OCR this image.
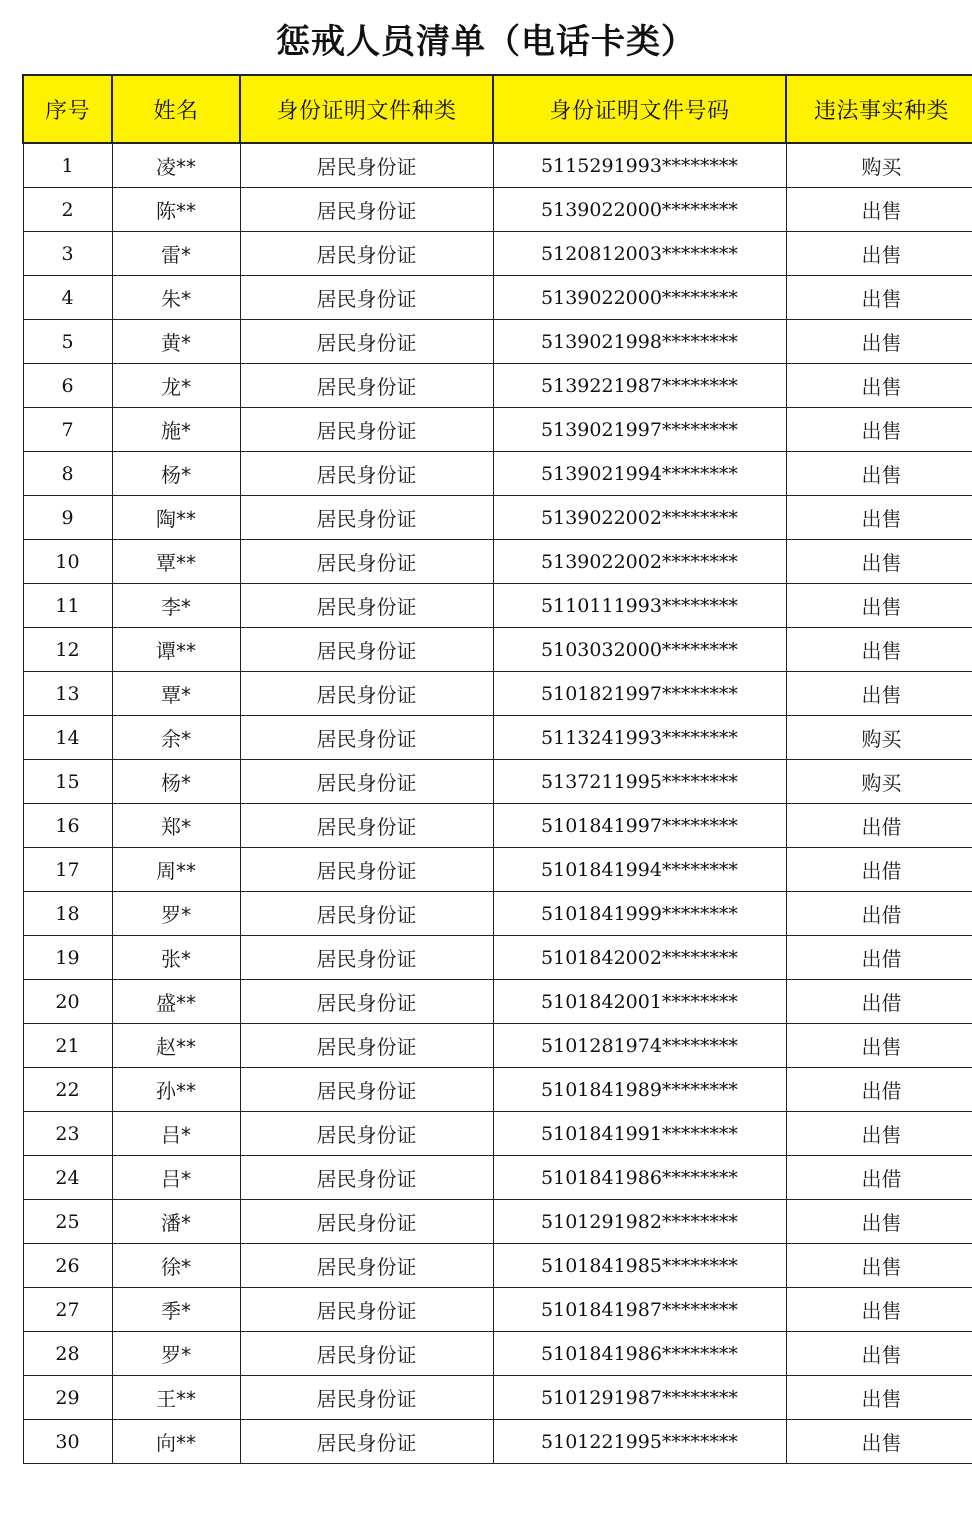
惩戒人员清单（电话卡类）
序号	姓名	身份证明文件种类	身份证明文件号码	违法事实种类
1	凌**	居民身份证	5115291993********	购买
2	陈**	居民身份证	5139022000********	出售
3	雷*	居民身份证	5120812003********	出售
4	朱*	居民身份证	5139022000********	出售
5	黄*	居民身份证	5139021998********	出售
6	龙*	居民身份证	5139221987********	出售
7	施*	居民身份证	5139021997********	出售
8	杨*	居民身份证	5139021994********	出售
9	陶**	居民身份证	5139022002********	出售
10	覃**	居民身份证	5139022002********	出售
11	李*	居民身份证	5110111993********	出售
12	谭**	居民身份证	5103032000********	出售
13	覃*	居民身份证	5101821997********	出售
14	余*	居民身份证	5113241993********	购买
15	杨*	居民身份证	5137211995********	购买
16	郑*	居民身份证	5101841997********	出借
17	周**	居民身份证	5101841994********	出借
18	罗*	居民身份证	5101841999********	出借
19	张*	居民身份证	5101842002********	出借
20	盛**	居民身份证	5101842001********	出借
21	赵**	居民身份证	5101281974********	出售
22	孙**	居民身份证	5101841989********	出借
23	吕*	居民身份证	5101841991********	出售
24	吕*	居民身份证	5101841986********	出借
25	潘*	居民身份证	5101291982********	出售
26	徐*	居民身份证	5101841985********	出售
27	季*	居民身份证	5101841987********	出售
28	罗*	居民身份证	5101841986********	出售
29	王**	居民身份证	5101291987********	出售
30	向**	居民身份证	5101221995********	出售
